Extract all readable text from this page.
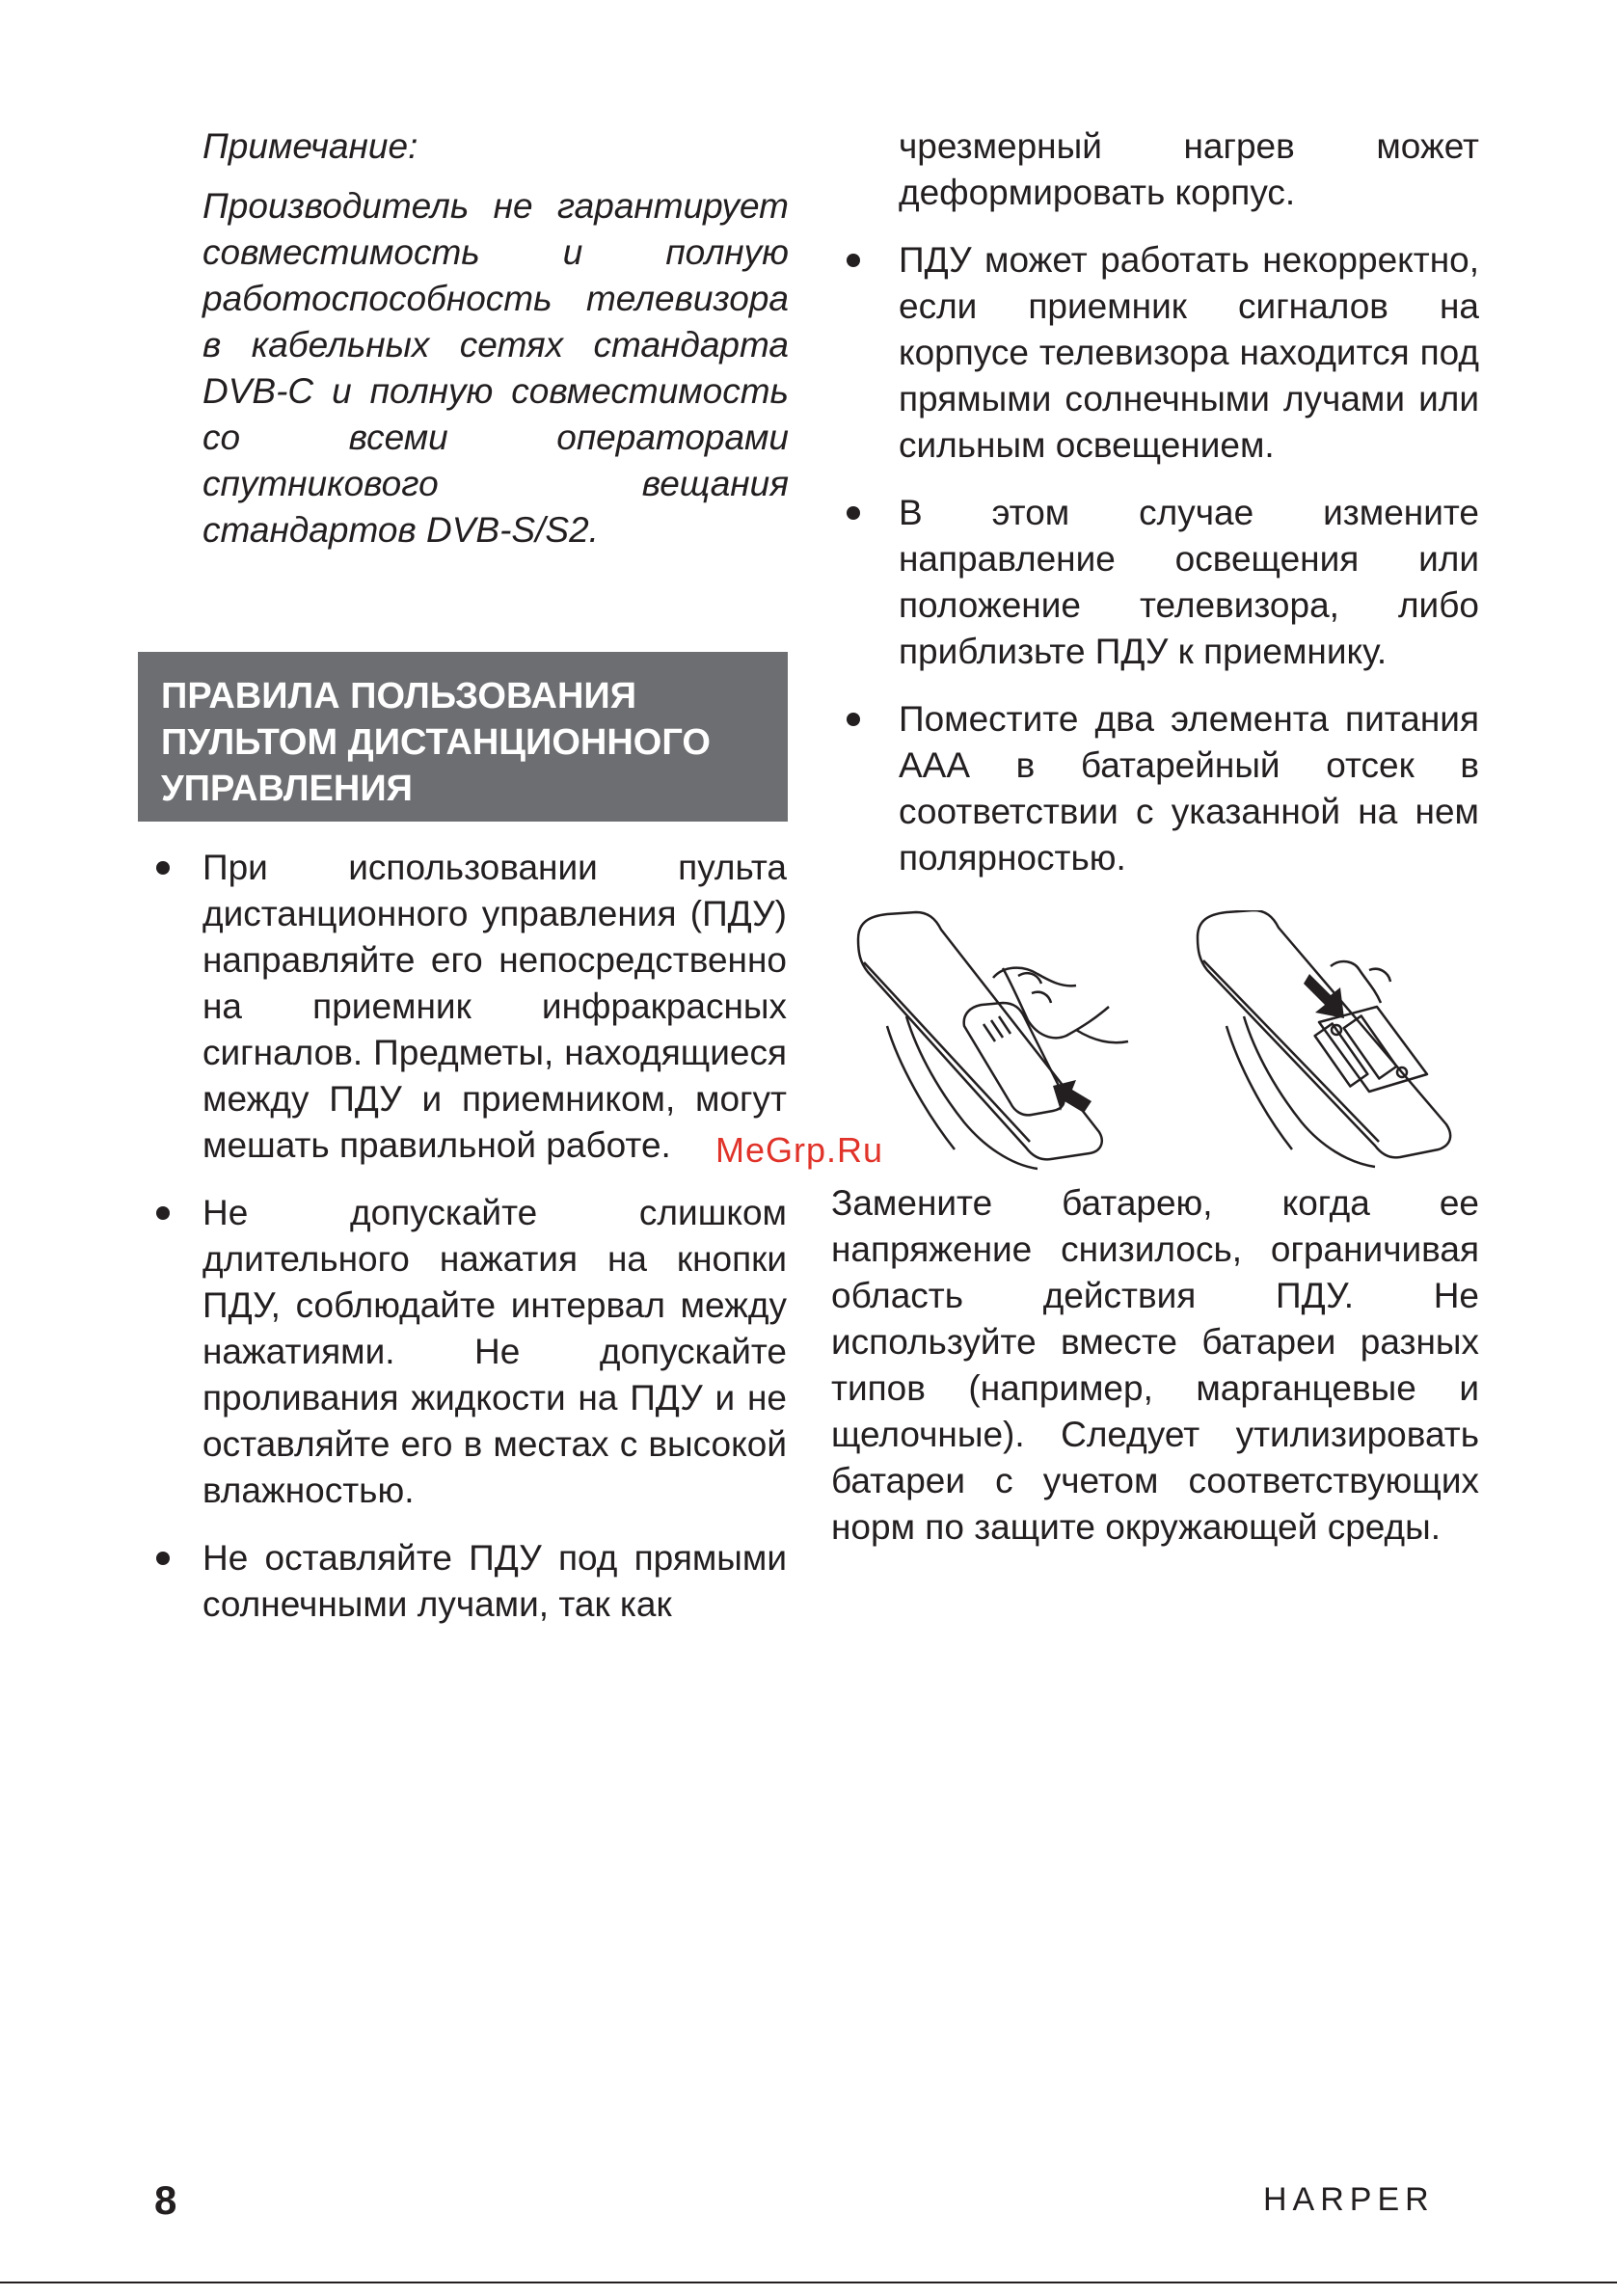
Примечание:
Производитель не гарантирует совместимость и полную работоспособность телевизора в кабельных сетях стандарта DVB-C и полную совместимость со всеми операторами спутникового вещания стандартов DVB-S/S2.
ПРАВИЛА ПОЛЬЗОВАНИЯ
ПУЛЬТОМ ДИСТАНЦИОННОГО
УПРАВЛЕНИЯ
При использовании пульта дистанционного управления (ПДУ) направляйте его непосредственно на приемник инфракрасных сигналов. Предметы, находящиеся между ПДУ и приемником, могут мешать правильной работе.
Не допускайте слишком длительного нажатия на кнопки ПДУ, соблюдайте интервал между нажатиями. Не допускайте проливания жидкости на ПДУ и не оставляйте его в местах с высокой влажностью.
Не оставляйте ПДУ под прямыми солнечными лучами, так как

чрезмерный нагрев может деформировать корпус.

ПДУ может работать некорректно, если приемник сигналов на корпусе телевизора находится под прямыми солнечными лучами или сильным освещением.
В этом случае измените направление освещения или положение телевизора, либо приблизьте ПДУ к приемнику.
Поместите два элемента питания ААА в батарейный отсек в соответствии с указанной на нем полярностью.
MeGrp.Ru
Замените батарею, когда ее напряжение снизилось, ограничивая область действия ПДУ. Не используйте вместе батареи разных типов (например, марганцевые и щелочные). Следует утилизировать батареи с учетом соответствующих норм по защите окружающей среды.
8	HARPER
